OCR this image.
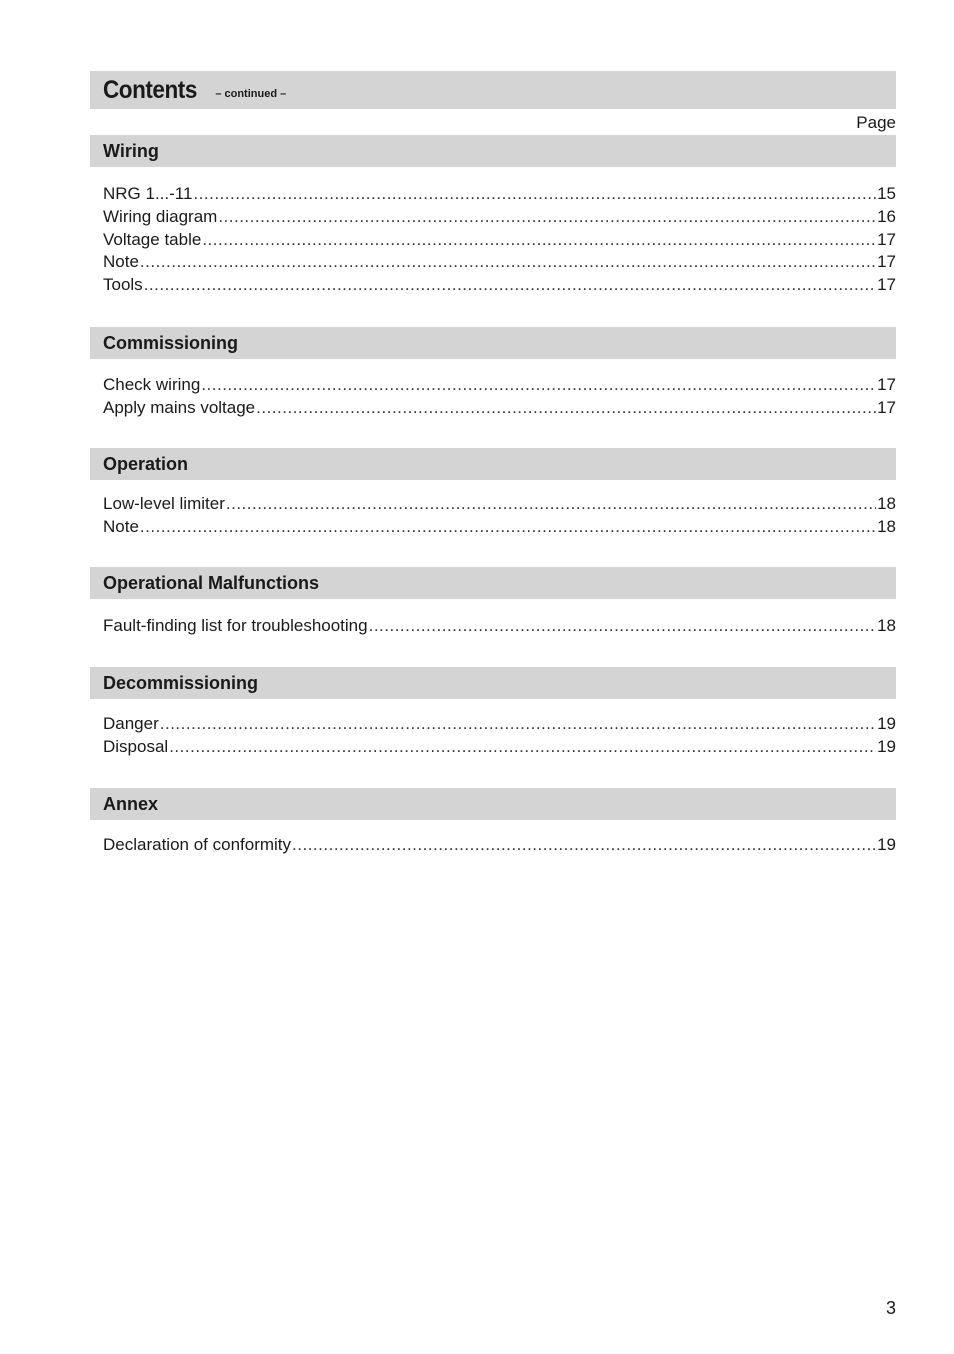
Contents – continued –
Page
Wiring
NRG 1...-11 .....	15
Wiring diagram .....	16
Voltage table .....	17
Note .....	17
Tools .....	17
Commissioning
Check wiring .....	17
Apply mains voltage .....	17
Operation
Low-level limiter .....	18
Note .....	18
Operational Malfunctions
Fault-finding list for troubleshooting .....	18
Decommissioning
Danger .....	19
Disposal .....	19
Annex
Declaration of conformity .....	19
3
